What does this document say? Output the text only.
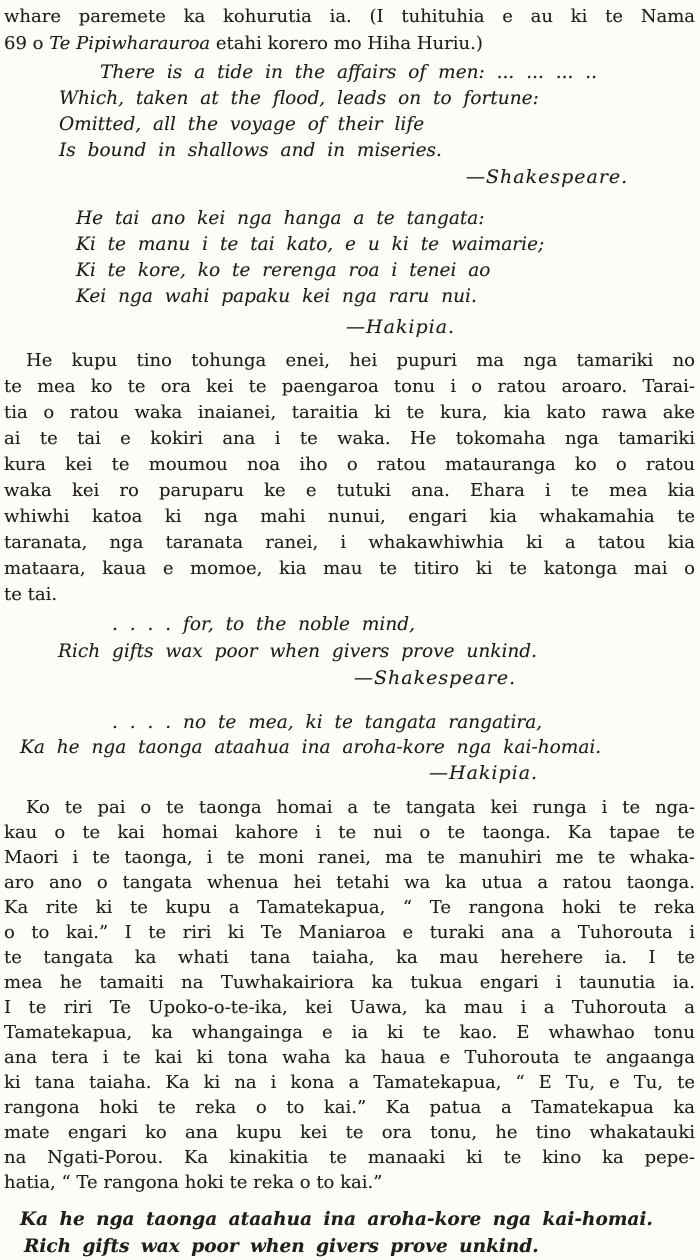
whare paremete ka kohurutia ia. (I tuhituhia e au ki te Nama
69 o Te Pipiwharauroa etahi korero mo Hiha Huriu.)
There is a tide in the affairs of men: ... ... ... ..
Which, taken at the flood, leads on to fortune:
Omitted, all the voyage of their life
Is bound in shallows and in miseries.
—Shakespeare.
He tai ano kei nga hanga a te tangata:
Ki te manu i te tai kato, e u ki te waimarie;
Ki te kore, ko te rerenga roa i tenei ao
Kei nga wahi papaku kei nga raru nui.
—Hakipia.
He kupu tino tohunga enei, hei pupuri ma nga tamariki no
te mea ko te ora kei te paengaroa tonu i o ratou aroaro. Tarai-
tia o ratou waka inaianei, taraitia ki te kura, kia kato rawa ake
ai te tai e kokiri ana i te waka. He tokomaha nga tamariki
kura kei te moumou noa iho o ratou matauranga ko o ratou
waka kei ro paruparu ke e tutuki ana. Ehara i te mea kia
whiwhi katoa ki nga mahi nunui, engari kia whakamahia te
taranata, nga taranata ranei, i whakawhiwhia ki a tatou kia
mataara, kaua e momoe, kia mau te titiro ki te katonga mai o
te tai.
. . . . for, to the noble mind,
Rich gifts wax poor when givers prove unkind.
—Shakespeare.
. . . . no te mea, ki te tangata rangatira,
Ka he nga taonga ataahua ina aroha-kore nga kai-homai.
—Hakipia.
Ko te pai o te taonga homai a te tangata kei runga i te nga-
kau o te kai homai kahore i te nui o te taonga. Ka tapae te
Maori i te taonga, i te moni ranei, ma te manuhiri me te whaka-
aro ano o tangata whenua hei tetahi wa ka utua a ratou taonga.
Ka rite ki te kupu a Tamatekapua, “ Te rangona hoki te reka
o to kai.” I te riri ki Te Maniaroa e turaki ana a Tuhorouta i
te tangata ka whati tana taiaha, ka mau herehere ia. I te
mea he tamaiti na Tuwhakairiora ka tukua engari i taunutia ia.
I te riri Te Upoko-o-te-ika, kei Uawa, ka mau i a Tuhorouta a
Tamatekapua, ka whangainga e ia ki te kao. E whawhao tonu
ana tera i te kai ki tona waha ka haua e Tuhorouta te angaanga
ki tana taiaha. Ka ki na i kona a Tamatekapua, “ E Tu, e Tu, te
rangona hoki te reka o to kai.” Ka patua a Tamatekapua ka
mate engari ko ana kupu kei te ora tonu, he tino whakatauki
na Ngati-Porou. Ka kinakitia te manaaki ki te kino ka pepe-
hatia, “ Te rangona hoki te reka o to kai.”
Ka he nga taonga ataahua ina aroha-kore nga kai-homai.
Rich gifts wax poor when givers prove unkind.
